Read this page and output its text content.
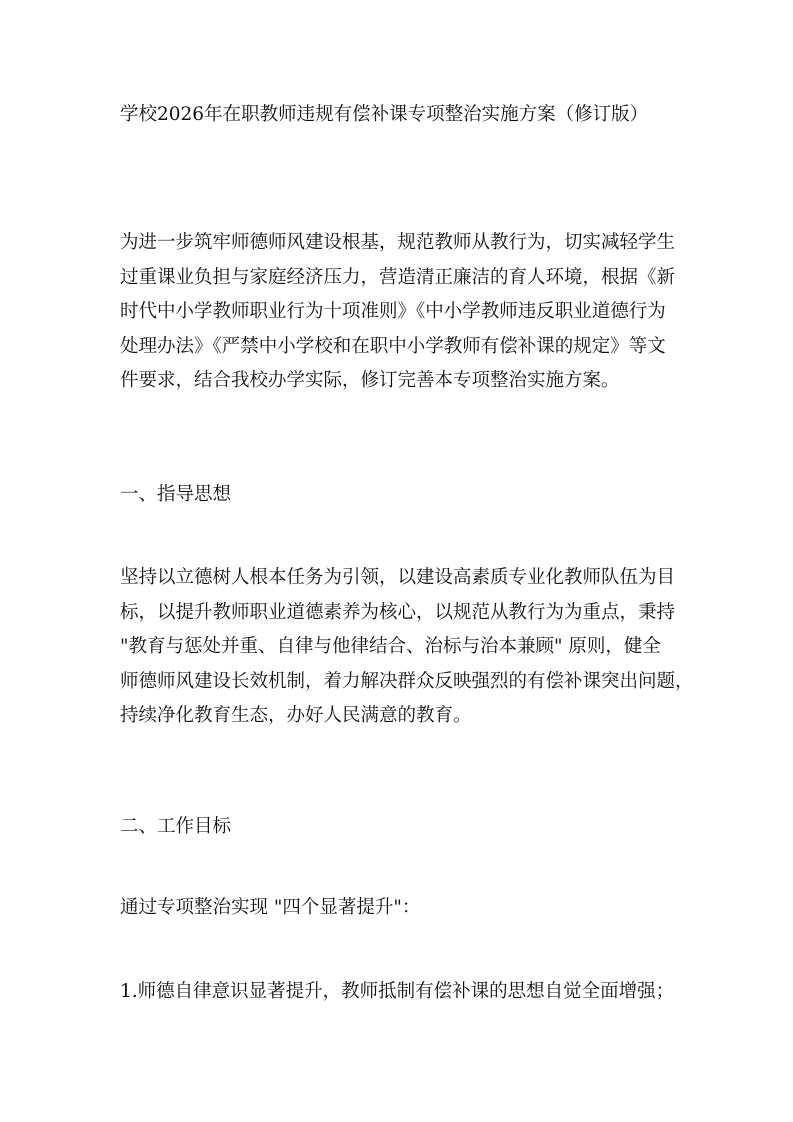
学校2026年在职教师违规有偿补课专项整治实施方案（修订版）
为进一步筑牢师德师风建设根基，规范教师从教行为，切实减轻学生
过重课业负担与家庭经济压力，营造清正廉洁的育人环境，根据《新
时代中小学教师职业行为十项准则》《中小学教师违反职业道德行为
处理办法》《严禁中小学校和在职中小学教师有偿补课的规定》等文
件要求，结合我校办学实际，修订完善本专项整治实施方案。
一、指导思想
坚持以立德树人根本任务为引领，以建设高素质专业化教师队伍为目
标，以提升教师职业道德素养为核心，以规范从教行为为重点，秉持
"教育与惩处并重、自律与他律结合、治标与治本兼顾" 原则，健全
师德师风建设长效机制，着力解决群众反映强烈的有偿补课突出问题，
持续净化教育生态，办好人民满意的教育。
二、工作目标
通过专项整治实现 "四个显著提升"：
1.师德自律意识显著提升，教师抵制有偿补课的思想自觉全面增强；
